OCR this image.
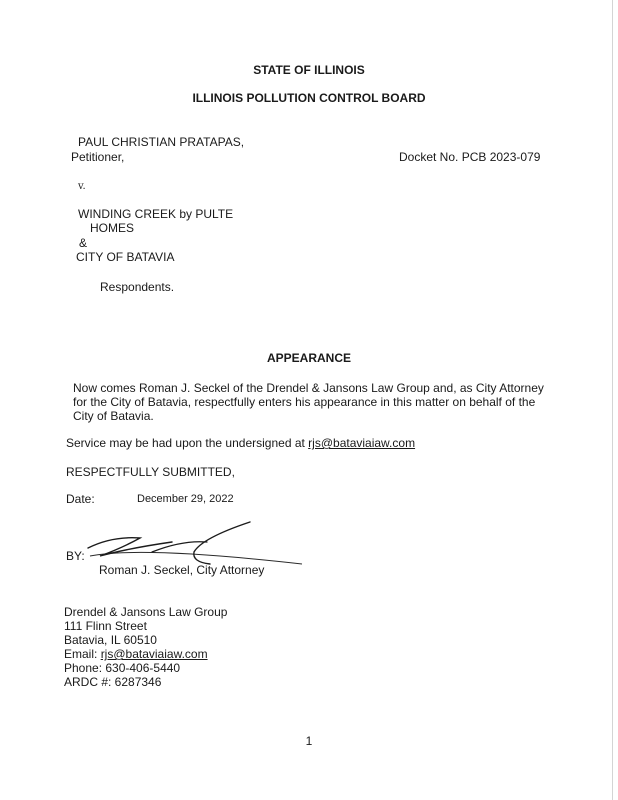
STATE OF ILLINOIS
ILLINOIS POLLUTION CONTROL BOARD
PAUL CHRISTIAN PRATAPAS,
Petitioner,	Docket No. PCB 2023-079
v.
WINDING CREEK by PULTE
HOMES
&
CITY OF BATAVIA
Respondents.
APPEARANCE
Now comes Roman J. Seckel of the Drendel & Jansons Law Group and, as City Attorney
for the City of Batavia, respectfully enters his appearance in this matter on behalf of the
City of Batavia.
Service may be had upon the undersigned at rjs@bataviaiaw.com
RESPECTFULLY SUBMITTED,
Date:	December 29, 2022
BY:
Roman J. Seckel, City Attorney
Drendel & Jansons Law Group
111 Flinn Street
Batavia, IL 60510
Email: rjs@bataviaiaw.com
Phone: 630-406-5440
ARDC #: 6287346
1
